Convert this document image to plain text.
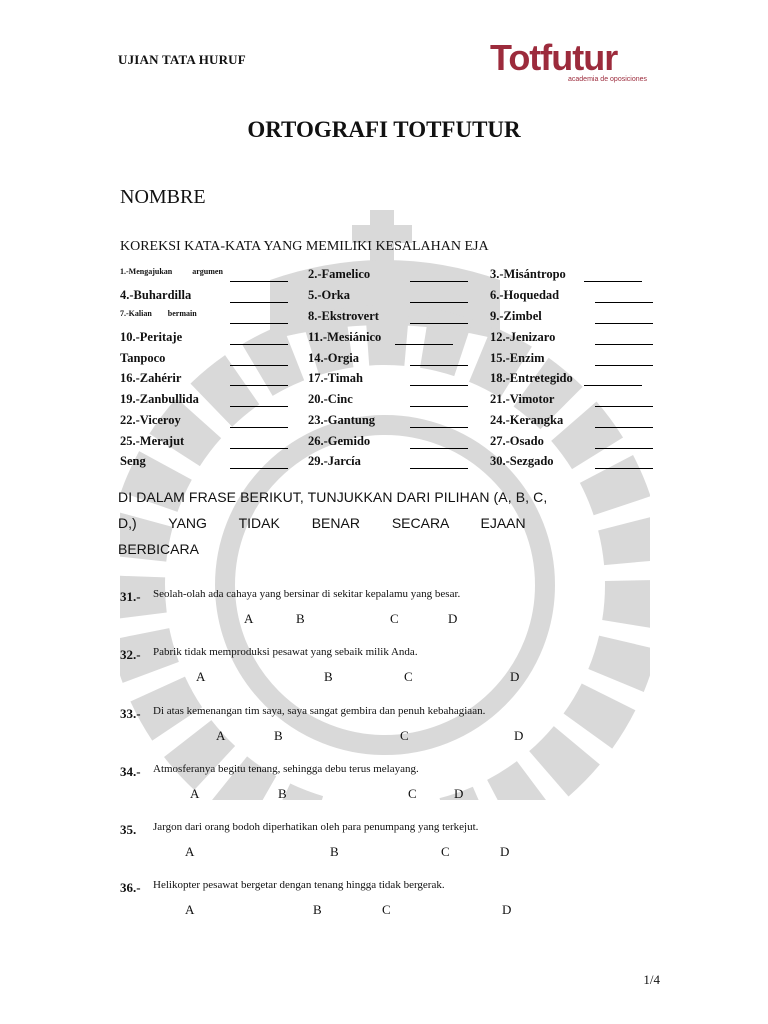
UJIAN TATA HURUF	Totfutur
academia de oposiciones
ORTOGRAFI TOTFUTUR
NOMBRE
KOREKSI KATA-KATA YANG MEMILIKI KESALAHAN EJA
1.-Mengajukan argumen	2.-Famelico	3.-Misántropo
4.-Buhardilla	5.-Orka	6.-Hoquedad
7.-Kalian bermain	8.-Ekstrovert	9.-Zimbel
10.-Peritaje	11.-Mesiánico	12.-Jenizaro
Tanpoco	14.-Orgia	15.-Enzim
16.-Zahérir	17.-Timah	18.-Entretegido
19.-Zanbullida	20.-Cinc	21.-Vimotor
22.-Viceroy	23.-Gantung	24.-Kerangka
25.-Merajut	26.-Gemido	27.-Osado
Seng	29.-Jarcía	30.-Sezgado
DI DALAM FRASE BERIKUT, TUNJUKKAN DARI PILIHAN (A, B, C,
D,) YANG TIDAK BENAR SECARA EJAAN
BERBICARA
31.- Seolah-olah ada cahaya yang bersinar di sekitar kepalamu yang besar.
A	B	C	D
32.- Pabrik tidak memproduksi pesawat yang sebaik milik Anda.
A	B	C	D
33.- Di atas kemenangan tim saya, saya sangat gembira dan penuh kebahagiaan.
A	B	C	D
34.- Atmosferanya begitu tenang, sehingga debu terus melayang.
A	B	C	D
35. Jargon dari orang bodoh diperhatikan oleh para penumpang yang terkejut.
A	B	C	D
36.- Helikopter pesawat bergetar dengan tenang hingga tidak bergerak.
A	B	C	D
1/4
